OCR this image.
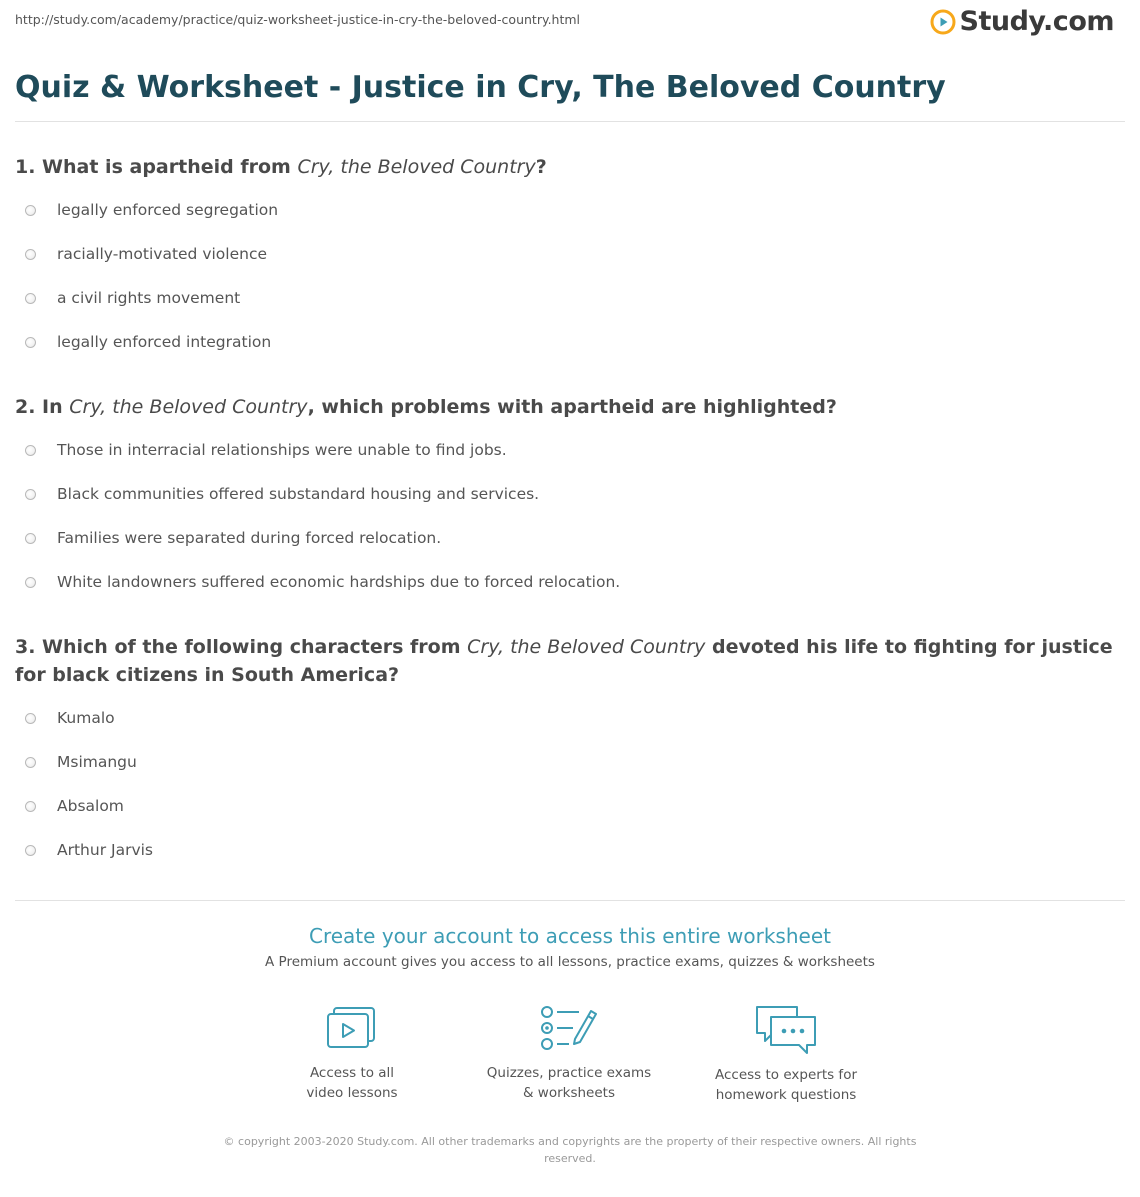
http://study.com/academy/practice/quiz-worksheet-justice-in-cry-the-beloved-country.html	Study.com
Quiz & Worksheet - Justice in Cry, The Beloved Country

1. What is apartheid from Cry, the Beloved Country?

legally enforced segregation
racially-motivated violence
a civil rights movement
legally enforced integration

2. In Cry, the Beloved Country, which problems with apartheid are highlighted?

Those in interracial relationships were unable to find jobs.
Black communities offered substandard housing and services.
Families were separated during forced relocation.
White landowners suffered economic hardships due to forced relocation.

3. Which of the following characters from Cry, the Beloved Country devoted his life to fighting for justice for black citizens in South America?

Kumalo
Msimangu
Absalom
Arthur Jarvis
Create your account to access this entire worksheet

A Premium account gives you access to all lessons, practice exams, quizzes & worksheets

Access to all
video lessons
Quizzes, practice exams
& worksheets
Access to experts for
homework questions
© copyright 2003-2020 Study.com. All other trademarks and copyrights are the property of their respective owners. All rights reserved.
